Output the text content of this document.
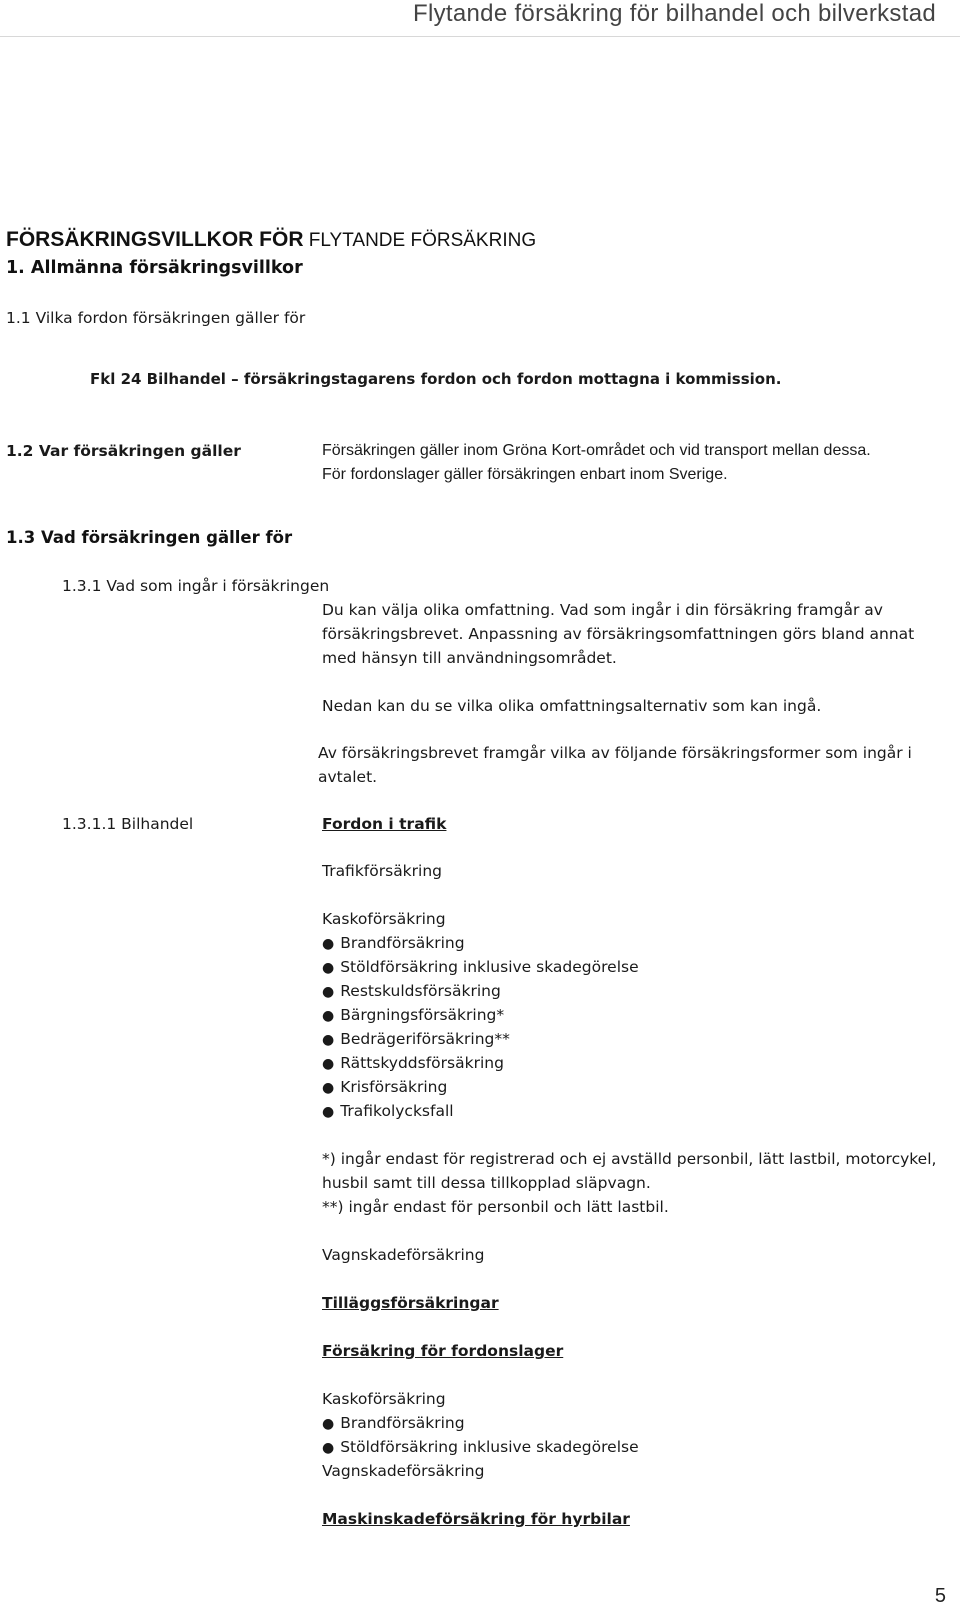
Flytande försäkring för bilhandel och bilverkstad
FÖRSÄKRINGSVILLKOR FÖR FLYTANDE FÖRSÄKRING
1. Allmänna försäkringsvillkor
1.1 Vilka fordon försäkringen gäller för
Fkl 24 Bilhandel – försäkringstagarens fordon och fordon mottagna i kommission.
1.2 Var försäkringen gäller	Försäkringen gäller inom Gröna Kort-området och vid transport mellan dessa.
För fordonslager gäller försäkringen enbart inom Sverige.
1.3 Vad försäkringen gäller för
1.3.1 Vad som ingår i försäkringen
Du kan välja olika omfattning. Vad som ingår i din försäkring framgår av
försäkringsbrevet. Anpassning av försäkringsomfattningen görs bland annat
med hänsyn till användningsområdet.
Nedan kan du se vilka olika omfattningsalternativ som kan ingå.
Av försäkringsbrevet framgår vilka av följande försäkringsformer som ingår i
avtalet.
1.3.1.1 Bilhandel	Fordon i trafik
Trafikförsäkring
Kaskoförsäkring
● Brandförsäkring
● Stöldförsäkring inklusive skadegörelse
● Restskuldsförsäkring
● Bärgningsförsäkring*
● Bedrägeriförsäkring**
● Rättskyddsförsäkring
● Krisförsäkring
● Trafikolycksfall
*) ingår endast för registrerad och ej avställd personbil, lätt lastbil, motorcykel,
husbil samt till dessa tillkopplad släpvagn.
**) ingår endast för personbil och lätt lastbil.
Vagnskadeförsäkring
Tilläggsförsäkringar
Försäkring för fordonslager
Kaskoförsäkring
● Brandförsäkring
● Stöldförsäkring inklusive skadegörelse
Vagnskadeförsäkring
Maskinskadeförsäkring för hyrbilar
5
